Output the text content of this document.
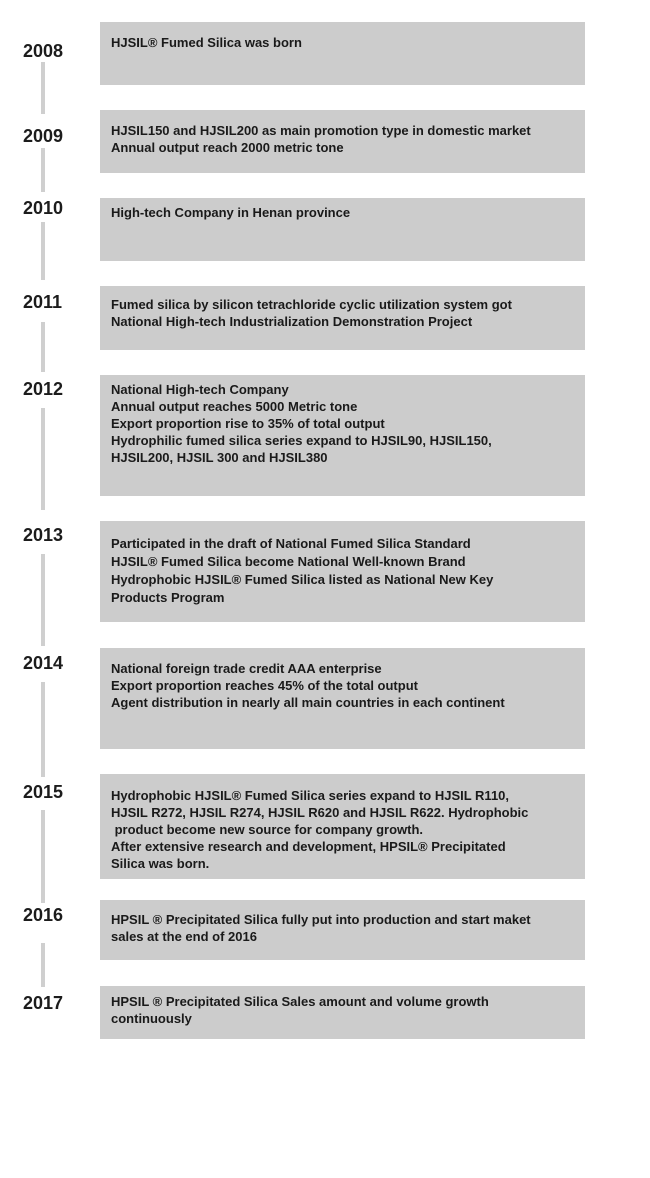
2008	HJSIL® Fumed Silica was born
2009	HJSIL150 and HJSIL200 as main promotion type in domestic market
Annual output reach 2000 metric tone
2010	High-tech Company in Henan province
2011	Fumed silica by silicon tetrachloride cyclic utilization system got
National High-tech Industrialization Demonstration Project
2012	National High-tech Company
Annual output reaches 5000 Metric tone
Export proportion rise to 35% of total output
Hydrophilic fumed silica series expand to HJSIL90, HJSIL150,
HJSIL200, HJSIL 300 and HJSIL380
2013	Participated in the draft of National Fumed Silica Standard
HJSIL® Fumed Silica become National Well-known Brand
Hydrophobic HJSIL® Fumed Silica listed as National New Key
Products Program
2014	National foreign trade credit AAA enterprise
Export proportion reaches 45% of the total output
Agent distribution in nearly all main countries in each continent
2015	Hydrophobic HJSIL® Fumed Silica series expand to HJSIL R110,
HJSIL R272, HJSIL R274, HJSIL R620 and HJSIL R622. Hydrophobic
product become new source for company growth.
After extensive research and development, HPSIL® Precipitated
Silica was born.
2016	HPSIL ® Precipitated Silica fully put into production and start maket
sales at the end of 2016
2017	HPSIL ® Precipitated Silica Sales amount and volume growth
continuously
